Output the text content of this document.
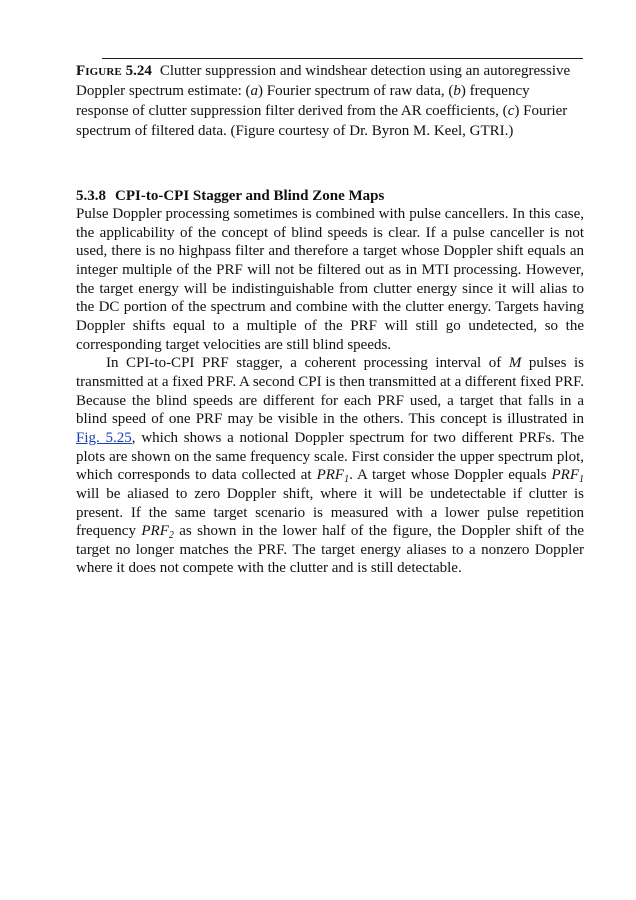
Figure 5.24 Clutter suppression and windshear detection using an autoregressive Doppler spectrum estimate: (a) Fourier spectrum of raw data, (b) frequency response of clutter suppression filter derived from the AR coefficients, (c) Fourier spectrum of filtered data. (Figure courtesy of Dr. Byron M. Keel, GTRI.)

5.3.8 CPI-to-CPI Stagger and Blind Zone Maps

Pulse Doppler processing sometimes is combined with pulse cancellers. In this case, the applicability of the concept of blind speeds is clear. If a pulse canceller is not used, there is no highpass filter and therefore a target whose Doppler shift equals an integer multiple of the PRF will not be filtered out as in MTI processing. However, the target energy will be indistinguishable from clutter energy since it will alias to the DC portion of the spectrum and combine with the clutter energy. Targets having Doppler shifts equal to a multiple of the PRF will still go undetected, so the corresponding target velocities are still blind speeds.

In CPI-to-CPI PRF stagger, a coherent processing interval of M pulses is transmitted at a fixed PRF. A second CPI is then transmitted at a different fixed PRF. Because the blind speeds are different for each PRF used, a target that falls in a blind speed of one PRF may be visible in the others. This concept is illustrated in Fig. 5.25, which shows a notional Doppler spectrum for two different PRFs. The plots are shown on the same frequency scale. First consider the upper spectrum plot, which corresponds to data collected at $PRF_1$. A target whose Doppler equals $PRF_1$ will be aliased to zero Doppler shift, where it will be undetectable if clutter is present. If the same target scenario is measured with a lower pulse repetition frequency $PRF_2$ as shown in the lower half of the figure, the Doppler shift of the target no longer matches the PRF. The target energy aliases to a nonzero Doppler where it does not compete with the clutter and is still detectable.
